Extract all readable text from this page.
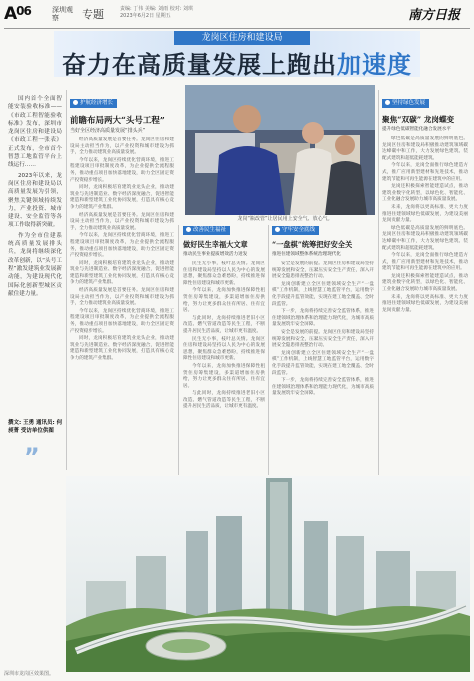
$A^{06}$	深圳观察	专题	责编: 丁伟 美编: 刘雨 校对: 刘琪
2023年6月2日 星期五	南方日报
龙岗区住房和建设局
奋力在高质量发展上跑出加速度

国内首个全面智能安装验收标准——《市政工程智能验收标准》发布，深圳市龙岗区住房和建设局《市政工程一张表》正式发布，全市首个智慧工地监管平台上线运行……

2023年以来，龙岗区住房和建设局以高质量发展为引领，聚焦关键领域持续发力，产业投资、城市建设、安全监管等各项工作取得新突破。

作为全市住建系统高质量发展排头兵，龙岗将继续深化改革创新，以“头号工程”激发建筑业发展新动能，为建设现代化国际化创新型城区贡献住建力量。

撰文: 王勇 通讯员: 何昶菁 受访单位供图
”
护航经济增长
前瞻布局两大“头号工程”
当好全区经济高质量发展“排头兵”

经济高质量发展是首要任务。龙岗区住房和建设局主动担当作为，以产业投资和城市建设为抓手，全力推动建筑业高质量发展。

今年以来，龙岗区持续优化营商环境，推进工程建设项目审批制度改革，为企业提供全流程服务，推动重点项目加快落地建设，助力全区固定资产投资稳步增长。

同时，龙岗积极培育建筑业龙头企业，推动建筑业与先进制造业、数字经济深度融合，促进智能建造和新型建筑工业化协同发展，打造具有核心竞争力的建筑产业集群。

经济高质量发展是首要任务。龙岗区住房和建设局主动担当作为，以产业投资和城市建设为抓手，全力推动建筑业高质量发展。

今年以来，龙岗区持续优化营商环境，推进工程建设项目审批制度改革，为企业提供全流程服务，推动重点项目加快落地建设，助力全区固定资产投资稳步增长。

同时，龙岗积极培育建筑业龙头企业，推动建筑业与先进制造业、数字经济深度融合，促进智能建造和新型建筑工业化协同发展，打造具有核心竞争力的建筑产业集群。

经济高质量发展是首要任务。龙岗区住房和建设局主动担当作为，以产业投资和城市建设为抓手，全力推动建筑业高质量发展。

今年以来，龙岗区持续优化营商环境，推进工程建设项目审批制度改革，为企业提供全流程服务，推动重点项目加快落地建设，助力全区固定资产投资稳步增长。

同时，龙岗积极培育建筑业龙头企业，推动建筑业与先进制造业、数字经济深度融合，促进智能建造和新型建筑工业化协同发展，打造具有核心竞争力的建筑产业集群。

龙岗“瓶改管”让居民用上安全气、放心气。
改善民生福祉
做好民生幸福大文章
推动民生事业提质增效活力迸发

民生无小事，枝叶总关情。龙岗区住房和建设局坚持以人民为中心的发展思想，聚焦群众急难愁盼，持续推进保障性住房建设和城市更新。

今年以来，龙岗加快推进保障性租赁住房筹集建设，多渠道增加住房供给，努力让更多群众住有所居、住有宜居。

与此同时，龙岗持续推进老旧小区改造、燃气管道改造等民生工程，不断提升居民生活品质，让城市更有温度。

民生无小事，枝叶总关情。龙岗区住房和建设局坚持以人民为中心的发展思想，聚焦群众急难愁盼，持续推进保障性住房建设和城市更新。

今年以来，龙岗加快推进保障性租赁住房筹集建设，多渠道增加住房供给，努力让更多群众住有所居、住有宜居。

与此同时，龙岗持续推进老旧小区改造、燃气管道改造等民生工程，不断提升居民生活品质，让城市更有温度。

守牢安全底线
“一盘棋”统筹把好安全关
推进住建领域整体系统治理现代化

安全是发展的前提。龙岗区住房和建设局坚持统筹发展和安全，压紧压实安全生产责任，深入开展安全隐患排查整治行动。

龙岗创新建立全区住建领域安全生产“一盘棋”工作机制，上线智慧工地监管平台，运用数字化手段提升监管效能，实现在建工地全覆盖、全时段监管。

下一步，龙岗将持续完善安全监管体系，推进住建领域治理体系和治理能力现代化，为城市高质量发展筑牢安全屏障。

安全是发展的前提。龙岗区住房和建设局坚持统筹发展和安全，压紧压实安全生产责任，深入开展安全隐患排查整治行动。

龙岗创新建立全区住建领域安全生产“一盘棋”工作机制，上线智慧工地监管平台，运用数字化手段提升监管效能，实现在建工地全覆盖、全时段监管。

下一步，龙岗将持续完善安全监管体系，推进住建领域治理体系和治理能力现代化，为城市高质量发展筑牢安全屏障。

坚持绿色发展
聚焦“双碳” 龙岗蝶变
提升绿色低碳智能化融合发展水平

绿色低碳是高质量发展的鲜明底色。龙岗区住房和建设局积极推动建筑领域碳达峰碳中和工作，大力发展绿色建筑、装配式建筑和超低能耗建筑。

今年以来，龙岗全面推行绿色建造方式，推广应用新型建材和先进技术，推动建筑节能和可再生能源在建筑中的应用。

龙岗还积极探索智能建造试点，推动建筑业数字化转型，以绿色化、智能化、工业化融合发展助力城市高质量发展。

未来，龙岗将以更高标准、更大力度推进住建领域绿色低碳发展，为建设美丽龙岗贡献力量。

绿色低碳是高质量发展的鲜明底色。龙岗区住房和建设局积极推动建筑领域碳达峰碳中和工作，大力发展绿色建筑、装配式建筑和超低能耗建筑。

今年以来，龙岗全面推行绿色建造方式，推广应用新型建材和先进技术，推动建筑节能和可再生能源在建筑中的应用。

龙岗还积极探索智能建造试点，推动建筑业数字化转型，以绿色化、智能化、工业化融合发展助力城市高质量发展。

未来，龙岗将以更高标准、更大力度推进住建领域绿色低碳发展，为建设美丽龙岗贡献力量。

深圳市龙岗区效果图。
